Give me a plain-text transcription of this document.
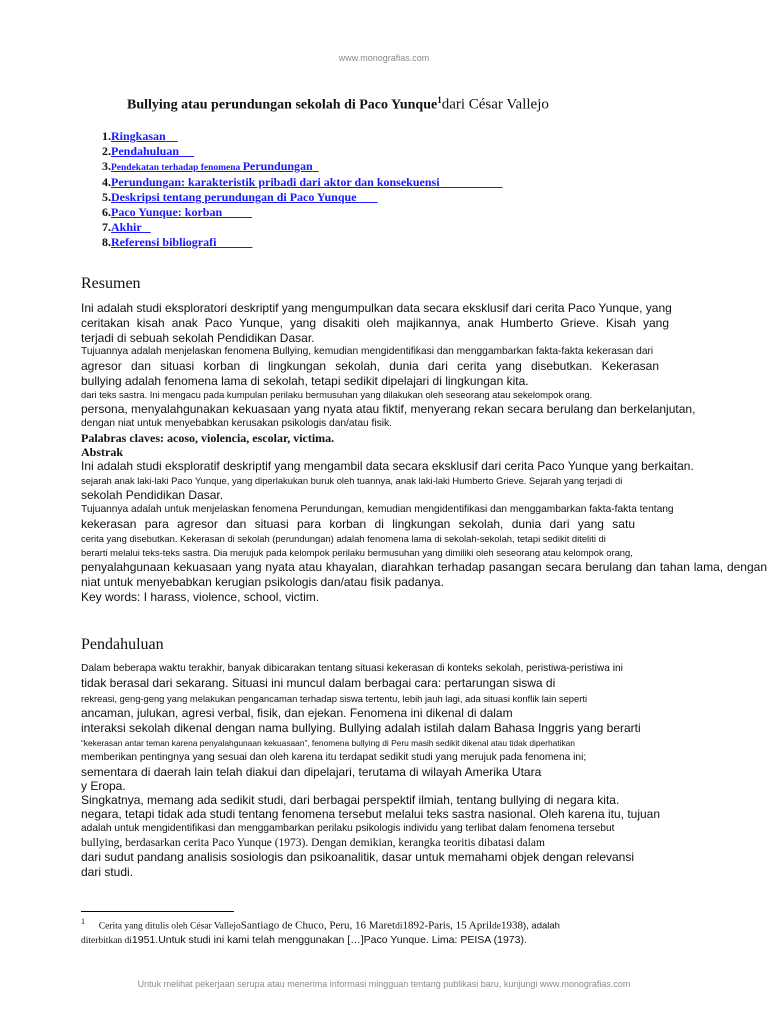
www.monografias.com
Bullying atau perundungan sekolah di Paco Yunque$^1$dari César Vallejo
1.Ringkasan
2.Pendahuluan
3.Pendekatan terhadap fenomena Perundungan
4.Perundungan: karakteristik pribadi dari aktor dan konsekuensi
5.Deskripsi tentang perundungan di Paco Yunque
6.Paco Yunque: korban
7.Akhir
8.Referensi bibliografi
Resumen
Ini adalah studi eksploratori deskriptif yang mengumpulkan data secara eksklusif dari cerita Paco Yunque, yang
ceritakan kisah anak Paco Yunque, yang disakiti oleh majikannya, anak Humberto Grieve. Kisah yang
terjadi di sebuah sekolah Pendidikan Dasar.
Tujuannya adalah menjelaskan fenomena Bullying, kemudian mengidentifikasi dan menggambarkan fakta-fakta kekerasan dari
agresor dan situasi korban di lingkungan sekolah, dunia dari cerita yang disebutkan. Kekerasan
bullying adalah fenomena lama di sekolah, tetapi sedikit dipelajari di lingkungan kita.
dari teks sastra. Ini mengacu pada kumpulan perilaku bermusuhan yang dilakukan oleh seseorang atau sekelompok orang.
persona, menyalahgunakan kekuasaan yang nyata atau fiktif, menyerang rekan secara berulang dan berkelanjutan,
dengan niat untuk menyebabkan kerusakan psikologis dan/atau fisik.
Palabras claves: acoso, violencia, escolar, victima.
Abstrak
Ini adalah studi eksploratif deskriptif yang mengambil data secara eksklusif dari cerita Paco Yunque yang berkaitan.
sejarah anak laki-laki Paco Yunque, yang diperlakukan buruk oleh tuannya, anak laki-laki Humberto Grieve. Sejarah yang terjadi di
sekolah Pendidikan Dasar.
Tujuannya adalah untuk menjelaskan fenomena Perundungan, kemudian mengidentifikasi dan menggambarkan fakta-fakta tentang
kekerasan para agresor dan situasi para korban di lingkungan sekolah, dunia dari yang satu
cerita yang disebutkan. Kekerasan di sekolah (perundungan) adalah fenomena lama di sekolah-sekolah, tetapi sedikit diteliti di
berarti melalui teks-teks sastra. Dia merujuk pada kelompok perilaku bermusuhan yang dimiliki oleh seseorang atau kelompok orang,
penyalahgunaan kekuasaan yang nyata atau khayalan, diarahkan terhadap pasangan secara berulang dan tahan lama, dengan
niat untuk menyebabkan kerugian psikologis dan/atau fisik padanya.
Key words: I harass, violence, school, victim.
Pendahuluan
Dalam beberapa waktu terakhir, banyak dibicarakan tentang situasi kekerasan di konteks sekolah, peristiwa-peristiwa ini
tidak berasal dari sekarang. Situasi ini muncul dalam berbagai cara: pertarungan siswa di
rekreasi, geng-geng yang melakukan pengancaman terhadap siswa tertentu, lebih jauh lagi, ada situasi konflik lain seperti
ancaman, julukan, agresi verbal, fisik, dan ejekan. Fenomena ini dikenal di dalam
interaksi sekolah dikenal dengan nama bullying. Bullying adalah istilah dalam Bahasa Inggris yang berarti
“kekerasan antar teman karena penyalahgunaan kekuasaan”, fenomena bullying di Peru masih sedikit dikenal atau tidak diperhatikan
memberikan pentingnya yang sesuai dan oleh karena itu terdapat sedikit studi yang merujuk pada fenomena ini;
sementara di daerah lain telah diakui dan dipelajari, terutama di wilayah Amerika Utara
y Eropa.
Singkatnya, memang ada sedikit studi, dari berbagai perspektif ilmiah, tentang bullying di negara kita.
negara, tetapi tidak ada studi tentang fenomena tersebut melalui teks sastra nasional. Oleh karena itu, tujuan
adalah untuk mengidentifikasi dan menggambarkan perilaku psikologis individu yang terlibat dalam fenomena tersebut
bullying, berdasarkan cerita Paco Yunque (1973). Dengan demikian, kerangka teoritis dibatasi dalam
dari sudut pandang analisis sosiologis dan psikoanalitik, dasar untuk memahami objek dengan relevansi
dari studi.
$^1$     Cerita yang ditulis oleh César VallejoSantiago de Chuco, Peru, 16 Maretdi1892-Paris, 15 Aprilde1938), adalah
diterbitkan di1951.Untuk studi ini kami telah menggunakan […]Paco Yunque. Lima: PEISA (1973).
Untuk melihat pekerjaan serupa atau menerima informasi mingguan tentang publikasi baru, kunjungi www.monografias.com
